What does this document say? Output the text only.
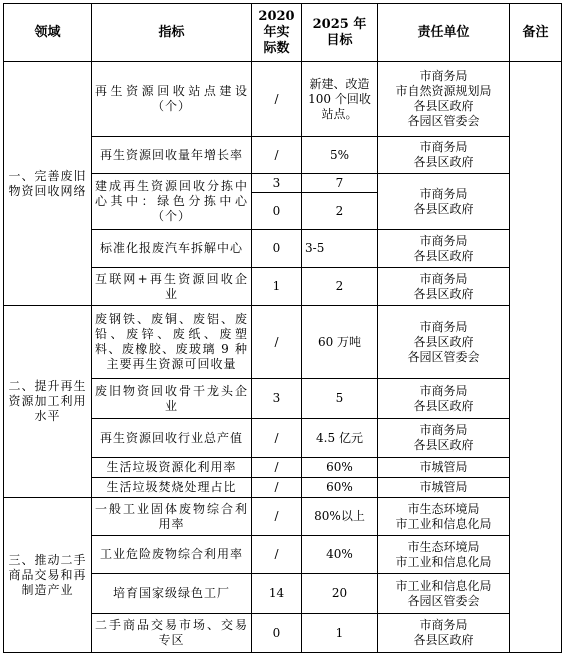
领域	指标	2020
年实
际数	2025 年
目标	责任单位	备注
一、完善废旧物资回收网络	再生资源回收站点建设（个）	/	新建、改造 100 个回收站点。	市商务局
市自然资源规划局
各县区政府
各园区管委会	
	再生资源回收量年增长率	/	5%	市商务局
各县区政府	
	建成再生资源回收分拣中心其中：绿色分拣中心（个）	3	7	市商务局
各县区政府	
		0	2		
	标准化报废汽车拆解中心	0	3-5	市商务局
各县区政府	
	互联网+再生资源回收企业	1	2	市商务局
各县区政府	
二、提升再生资源加工利用水平	废钢铁、废铜、废铝、废铅、废锌、废纸、废塑料、废橡胶、废玻璃 9 种主要再生资源可回收量	/	60 万吨	市商务局
各县区政府
各园区管委会	
	废旧物资回收骨干龙头企业	3	5	市商务局
各县区政府	
	再生资源回收行业总产值	/	4.5 亿元	市商务局
各县区政府	
	生活垃圾资源化利用率	/	60%	市城管局	
	生活垃圾焚烧处理占比	/	60%	市城管局	
三、推动二手商品交易和再制造产业	一般工业固体废物综合利用率	/	80%以上	市生态环境局
市工业和信息化局	
	工业危险废物综合利用率	/	40%	市生态环境局
市工业和信息化局	
	培育国家级绿色工厂	14	20	市工业和信息化局
各园区管委会	
	二手商品交易市场、交易专区	0	1	市商务局
各县区政府	
